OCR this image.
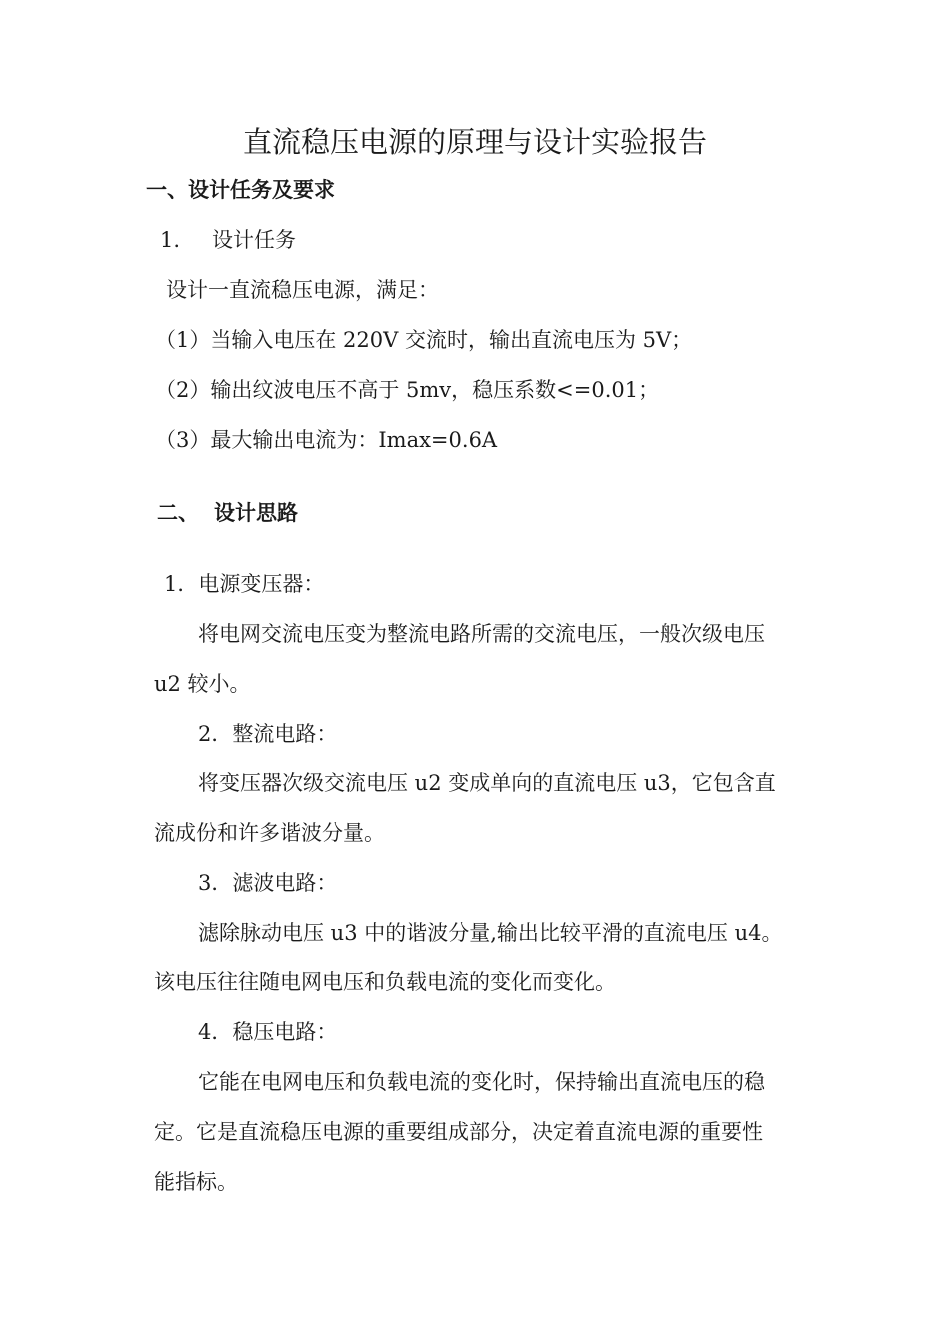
直流稳压电源的原理与设计实验报告
一、设计任务及要求
1. 设计任务
设计一直流稳压电源，满足：
（1）当输入电压在 220V 交流时，输出直流电压为 5V；
（2）输出纹波电压不高于 5mv，稳压系数<=0.01；
（3）最大输出电流为：Imax=0.6A
二、 设计思路
1．电源变压器：
将电网交流电压变为整流电路所需的交流电压，一般次级电压
u2 较小。
2．整流电路：
将变压器次级交流电压 u2 变成单向的直流电压 u3，它包含直
流成份和许多谐波分量。
3．滤波电路：
滤除脉动电压 u3 中的谐波分量,输出比较平滑的直流电压 u4。
该电压往往随电网电压和负载电流的变化而变化。
4．稳压电路：
它能在电网电压和负载电流的变化时，保持输出直流电压的稳
定。它是直流稳压电源的重要组成部分，决定着直流电源的重要性
能指标。
